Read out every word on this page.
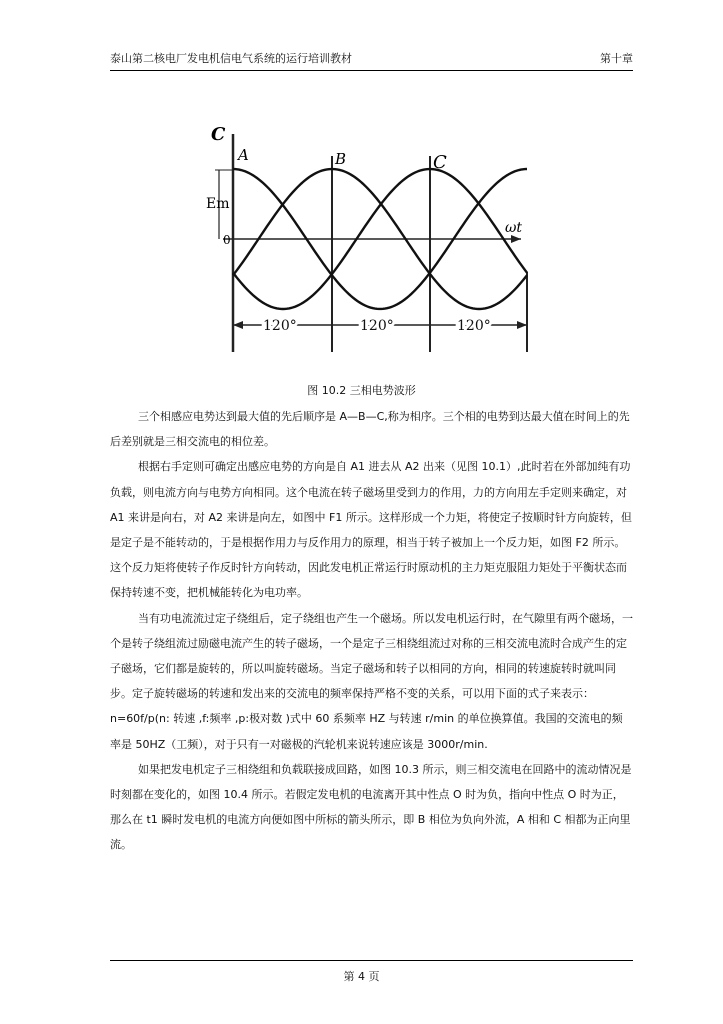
泰山第二核电厂发电机信电气系统的运行培训教材	第十章
C
A	B	C
Em
0
ωt
120°	120°	120°
图 10.2 三相电势波形

三个相感应电势达到最大值的先后顺序是 A—B—C,称为相序。三个相的电势到达最大值在时间上的先后差别就是三相交流电的相位差。

根据右手定则可确定出感应电势的方向是自 A1 进去从 A2 出来（见图 10.1）,此时若在外部加纯有功负载，则电流方向与电势方向相同。这个电流在转子磁场里受到力的作用，力的方向用左手定则来确定，对 A1 来讲是向右，对 A2 来讲是向左，如图中 F1 所示。这样形成一个力矩，将使定子按顺时针方向旋转，但是定子是不能转动的，于是根据作用力与反作用力的原理，相当于转子被加上一个反力矩，如图 F2 所示。这个反力矩将使转子作反时针方向转动，因此发电机正常运行时原动机的主力矩克服阻力矩处于平衡状态而保持转速不变，把机械能转化为电功率。

当有功电流流过定子绕组后，定子绕组也产生一个磁场。所以发电机运行时，在气隙里有两个磁场，一个是转子绕组流过励磁电流产生的转子磁场，一个是定子三相绕组流过对称的三相交流电流时合成产生的定子磁场，它们都是旋转的，所以叫旋转磁场。当定子磁场和转子以相同的方向，相同的转速旋转时就叫同步。定子旋转磁场的转速和发出来的交流电的频率保持严格不变的关系，可以用下面的式子来表示： n=60f/p(n: 转速 ,f:频率 ,p:极对数 )式中 60 系频率 HZ 与转速 r/min 的单位换算值。我国的交流电的频率是 50HZ（工频），对于只有一对磁极的汽轮机来说转速应该是 3000r/min.

如果把发电机定子三相绕组和负载联接成回路，如图 10.3 所示，则三相交流电在回路中的流动情况是时刻都在变化的，如图 10.4 所示。若假定发电机的电流离开其中性点 O 时为负，指向中性点 O 时为正，那么在 t1 瞬时发电机的电流方向便如图中所标的箭头所示，即 B 相位为负向外流，A 相和 C 相都为正向里流。

第 4 页
